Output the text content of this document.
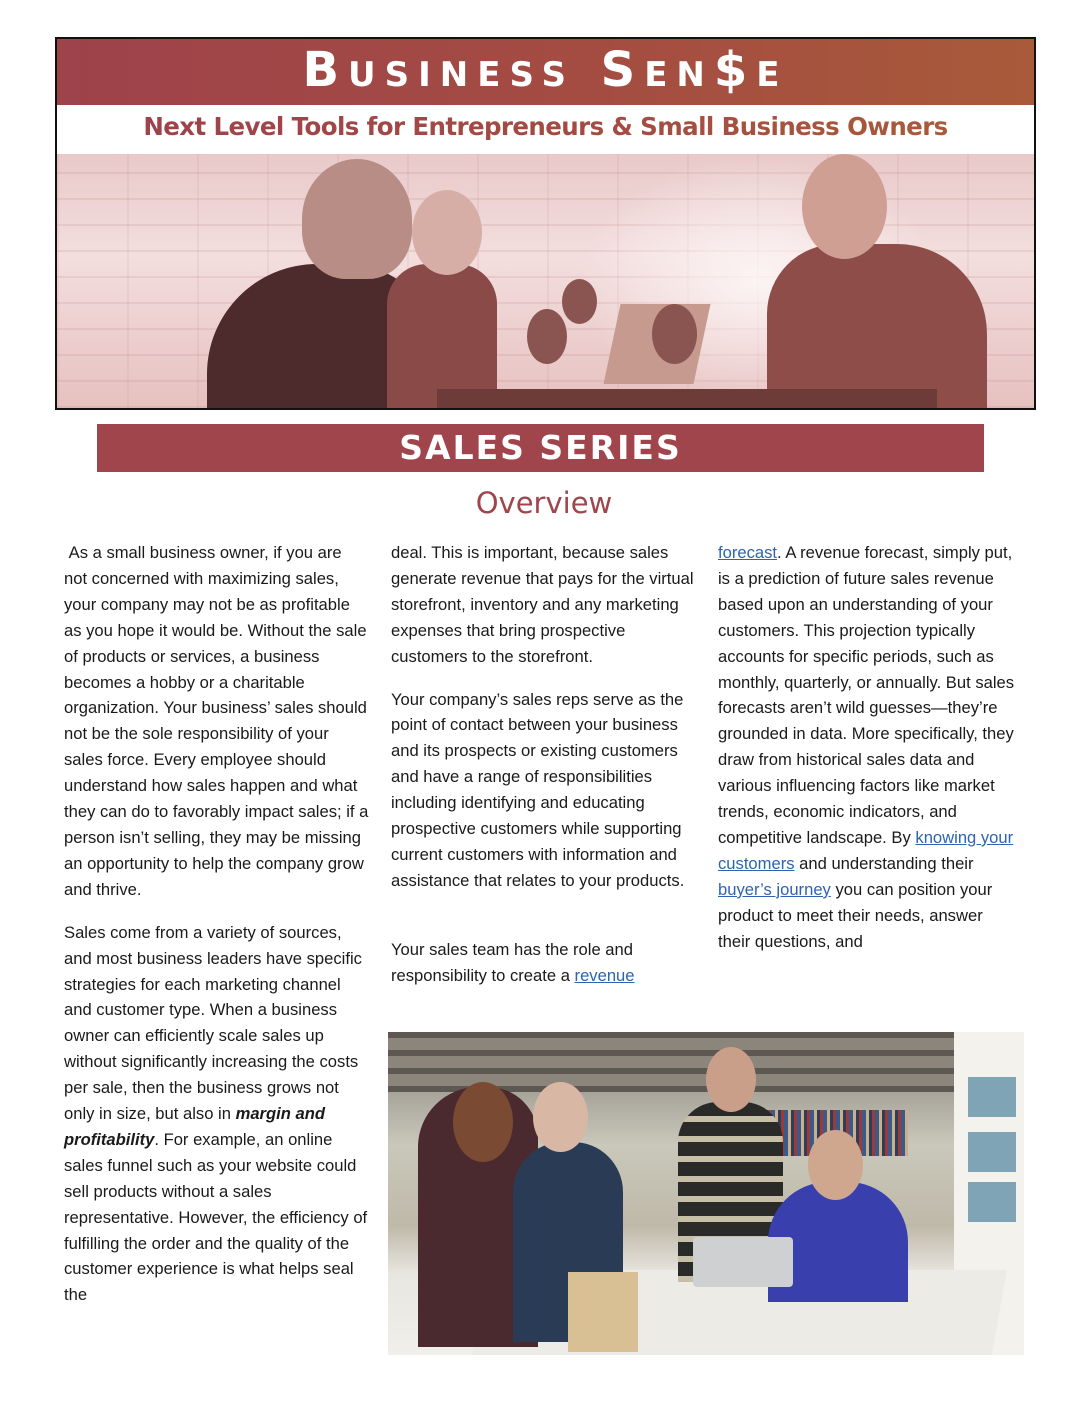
Business Sen$e
Next Level Tools for Entrepreneurs & Small Business Owners
SALES SERIES
Overview

As a small business owner, if you are not concerned with maximizing sales, your company may not be as profitable as you hope it would be. Without the sale of products or services, a business becomes a hobby or a charitable organization. Your business’ sales should not be the sole responsibility of your sales force. Every employee should understand how sales happen and what they can do to favorably impact sales; if a person isn’t selling, they may be missing an opportunity to help the company grow and thrive.

Sales come from a variety of sources, and most business leaders have specific strategies for each marketing channel and customer type. When a business owner can efficiently scale sales up without significantly increasing the costs per sale, then the business grows not only in size, but also in margin and profitability. For example, an online sales funnel such as your website could sell products without a sales representative. However, the efficiency of fulfilling the order and the quality of the customer experience is what helps seal the

deal. This is important, because sales generate revenue that pays for the virtual storefront, inventory and any marketing expenses that bring prospective customers to the storefront.

Your company’s sales reps serve as the point of contact between your business and its prospects or existing customers and have a range of responsibilities including identifying and educating prospective customers while supporting current customers with information and assistance that relates to your products.

Your sales team has the role and responsibility to create a revenue

forecast. A revenue forecast, simply put, is a prediction of future sales revenue based upon an understanding of your customers. This projection typically accounts for specific periods, such as monthly, quarterly, or annually. But sales forecasts aren’t wild guesses—they’re grounded in data. More specifically, they draw from historical sales data and various influencing factors like market trends, economic indicators, and competitive landscape. By knowing your customers and understanding their buyer’s journey you can position your product to meet their needs, answer their questions, and
